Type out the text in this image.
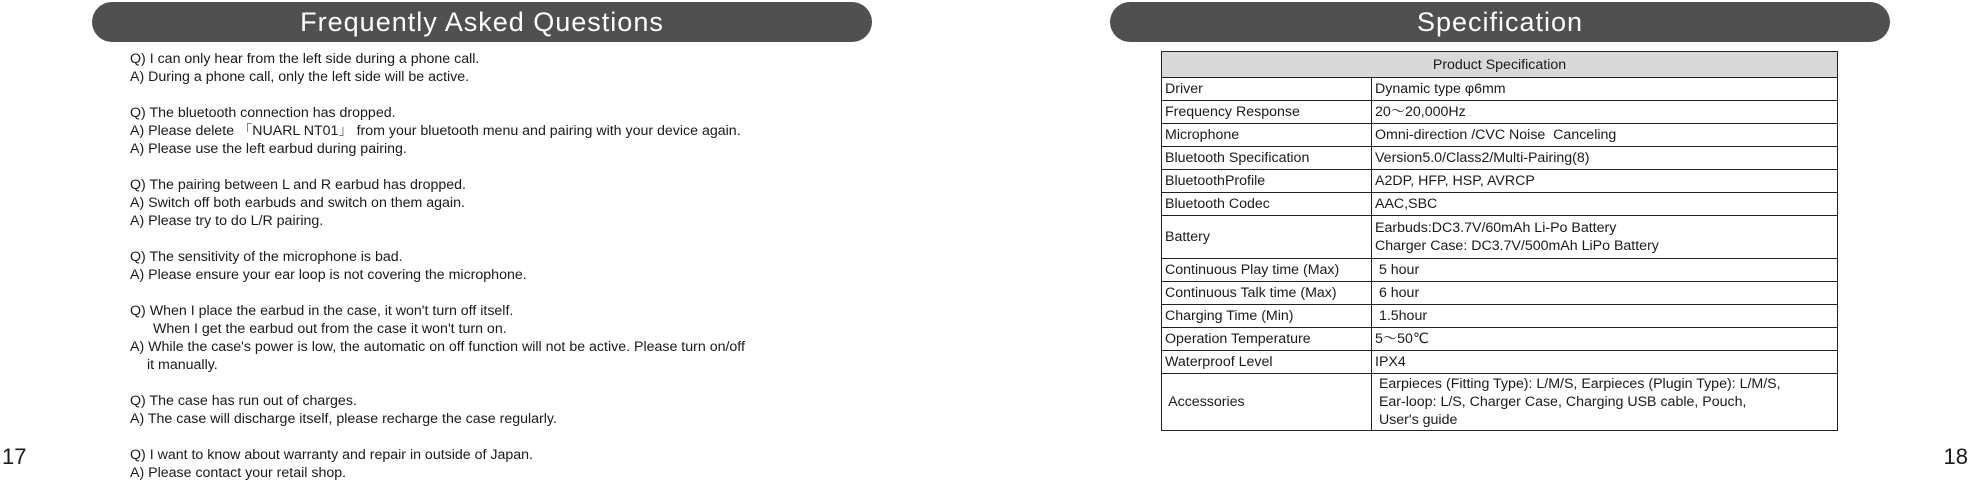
Frequently Asked Questions	Specification
Q) I can only hear from the left side during a phone call.
A) During a phone call, only the left side will be active.
Q) The bluetooth connection has dropped.
A) Please delete 「NUARL NT01」 from your bluetooth menu and pairing with your device again.
A) Please use the left earbud during pairing.
Q) The pairing between L and R earbud has dropped.
A) Switch off both earbuds and switch on them again.
A) Please try to do L/R pairing.
Q) The sensitivity of the microphone is bad.
A) Please ensure your ear loop is not covering the microphone.
Q) When I place the earbud in the case, it won't turn off itself.
When I get the earbud out from the case it won't turn on.
A) While the case's power is low, the automatic on off function will not be active. Please turn on/off
it manually.
Q) The case has run out of charges.
A) The case will discharge itself, please recharge the case regularly.
Q) I want to know about warranty and repair in outside of Japan.
A) Please contact your retail shop.
Product Specification	
Driver	Dynamic type φ6mm

Frequency Response	20〜20,000Hz

Microphone	Omni-direction /CVC Noise  Canceling

Bluetooth Specification	Version5.0/Class2/Multi-Pairing(8)

BluetoothProfile	A2DP, HFP, HSP, AVRCP

Bluetooth Codec	AAC,SBC

Battery	Earbuds:DC3.7V/60mAh Li-Po Battery
Charger Case: DC3.7V/500mAh LiPo Battery

Continuous Play time (Max)	5 hour

Continuous Talk time (Max)	6 hour

Charging Time (Min)	1.5hour

Operation Temperature	5〜50℃

Waterproof Level	IPX4

Accessories	Earpieces (Fitting Type): L/M/S, Earpieces (Plugin Type): L/M/S,
Ear-loop: L/S, Charger Case, Charging USB cable, Pouch,
User's guide
17	18
